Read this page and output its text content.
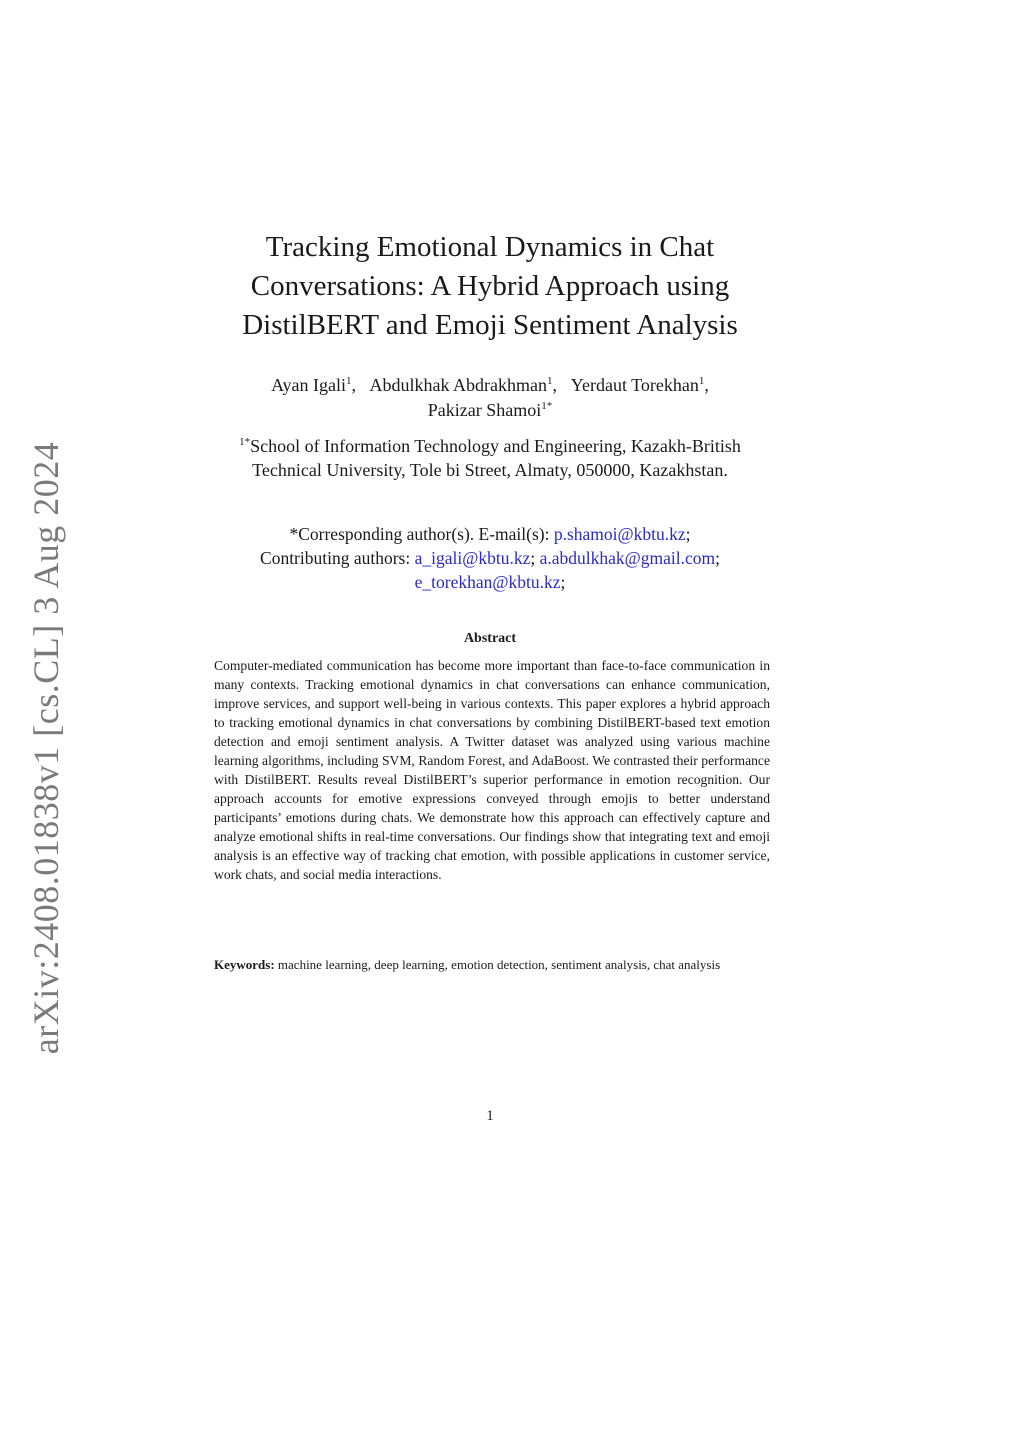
arXiv:2408.01838v1 [cs.CL] 3 Aug 2024
Tracking Emotional Dynamics in Chat
Conversations: A Hybrid Approach using
DistilBERT and Emoji Sentiment Analysis
Ayan Igali$^1$, Abdulkhak Abdrakhman$^1$, Yerdaut Torekhan$^1$,
Pakizar Shamoi$^{1*}$
$^{1*}$School of Information Technology and Engineering, Kazakh-British
Technical University, Tole bi Street, Almaty, 050000, Kazakhstan.
*Corresponding author(s). E-mail(s): p.shamoi@kbtu.kz;
Contributing authors: a_igali@kbtu.kz; a.abdulkhak@gmail.com;
e_torekhan@kbtu.kz;
Abstract

Computer-mediated communication has become more important than face-to-face communication in many contexts. Tracking emotional dynamics in chat conversations can enhance communication, improve services, and support well-being in various contexts. This paper explores a hybrid approach to tracking emotional dynamics in chat conversations by combining DistilBERT-based text emotion detection and emoji sentiment analysis. A Twitter dataset was analyzed using various machine learning algorithms, including SVM, Random Forest, and AdaBoost. We contrasted their performance with DistilBERT. Results reveal DistilBERT’s superior performance in emotion recognition. Our approach accounts for emotive expressions conveyed through emojis to better understand participants’ emotions during chats. We demonstrate how this approach can effectively capture and analyze emotional shifts in real-time conversations. Our findings show that integrating text and emoji analysis is an effective way of tracking chat emotion, with possible applications in customer service, work chats, and social media interactions.

Keywords: machine learning, deep learning, emotion detection, sentiment analysis, chat analysis

1
